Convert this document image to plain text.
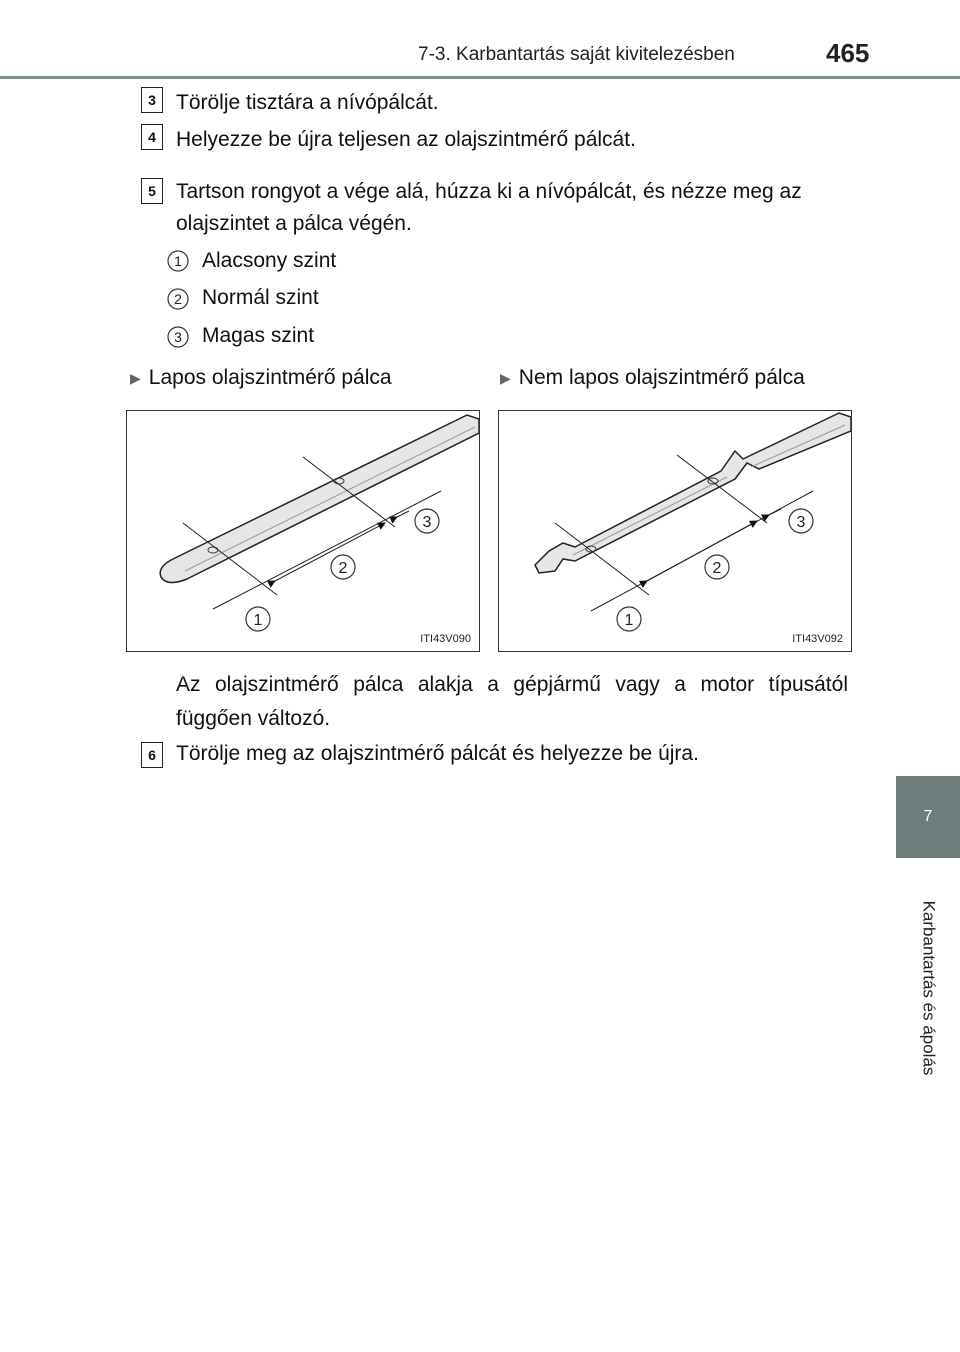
7-3. Karbantartás saját kivitelezésben	465
7
Karbantartás és ápolás
3 Törölje tisztára a nívópálcát.
4 Helyezze be újra teljesen az olajszintmérő pálcát.
5 Tartson rongyot a vége alá, húzza ki a nívópálcát, és nézze meg az olajszintet a pálca végén.
1 Alacsony szint
2 Normál szint
3 Magas szint
▶ Lapos olajszintmérő pálca	▶ Nem lapos olajszintmérő pálca
1
2
3
ITI43V090
1
2
3
ITI43V092
Az olajszintmérő pálca alakja a gépjármű vagy a motor típusától függően változó.
6 Törölje meg az olajszintmérő pálcát és helyezze be újra.
